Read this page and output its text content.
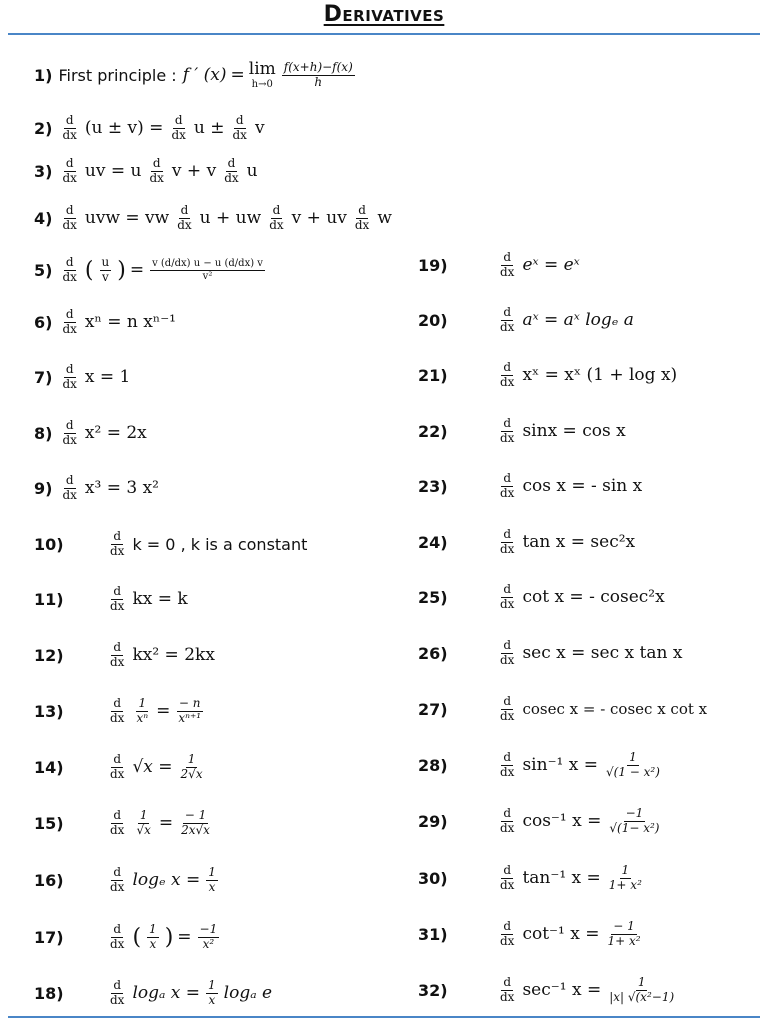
Derivatives
1) First principle : f ′ (x) = lim
$h\to 0 \frac{f(x+h)-f(x)}{h}$
$2) \frac{d}{dx} (u \pm v) = \frac{d}{dx}$ $u \pm \frac{d}{dx}$ v
$3) \frac{d}{dx}$ uv = u $\frac{d}{dx}$ v + v $\frac{d}{dx}$ u
$4) \frac{d}{dx}$ uvw = vw $\frac{d}{dx}$ u + uw $\frac{d}{dx}$ v + uv $\frac{d}{dx}$ w
$5) \frac{d}{dx}$ ( $\frac{u}{v}$ ) = $\frac{v (d/dx) u - u (d/dx) v}{\text{v²}}$
$6) \frac{d}{dx}$ xⁿ = n xⁿ⁻¹
$7) \frac{d}{dx}$ x = 1
$8) \frac{d}{dx} x^2 = 2x$
$9) \frac{d}{dx} x^3 = 3$ x²
10)	$\frac{d}{dx}$ k = 0 , k is a constant
11)	$\frac{d}{dx}$ kx = k
12)	$\frac{d}{dx} kx^2 = 2kx$
13)	$\frac{d}{dx} \frac{1}{\text{xⁿ}} = \frac{- n}{\text{xⁿ⁺¹}}$
14)	$\frac{d}{dx} √x = \frac{1}{2√x}$
15)	$\frac{d}{dx} \frac{1}{√x} = \frac{- 1}{2x√x}$
16)	$\frac{d}{dx}$ logₑ $x = \frac{1}{x}$
17)	$\frac{d}{dx}$ ( $\frac{1}{x}$ ) = $\frac{-1}{\text{x²}}$
18)	$\frac{d}{dx}$ logₐ $x = \frac{1}{x}$ logₐ e
19)	$\frac{d}{dx}$ eˣ = eˣ
20)	$\frac{d}{dx}$ aˣ = aˣ logₑ a
21)	$\frac{d}{dx}$ xˣ = xˣ (1 + log x)
22)	$\frac{d}{dx}$ sinx = cos x
23)	$\frac{d}{dx}$ cos x = - sin x
24)	$\frac{d}{dx}$ tan x = sec²x
25)	$\frac{d}{dx}$ cot x = - cosec²x
26)	$\frac{d}{dx}$ sec x = sec x tan x
27)	$\frac{d}{dx}$ cosec x = - cosec x cot x
28)	$\frac{d}{dx} \sin^{-1}$ $x = \frac{1}{\text{√(1 − x²)}}$
29)	$\frac{d}{dx} \cos^{-1}$ $x = \frac{-1}{\text{√(1− x²)}}$
30)	$\frac{d}{dx} \tan^{-1}$ $x = \frac{1}{\text{1+ x²}}$
31)	$\frac{d}{dx} \cot^{-1}$ $x = \frac{- 1}{\text{1+ x²}}$
32)	$\frac{d}{dx} \sec^{-1}$ $x = \frac{1}{\text{|x| √(x²−1)}}$
